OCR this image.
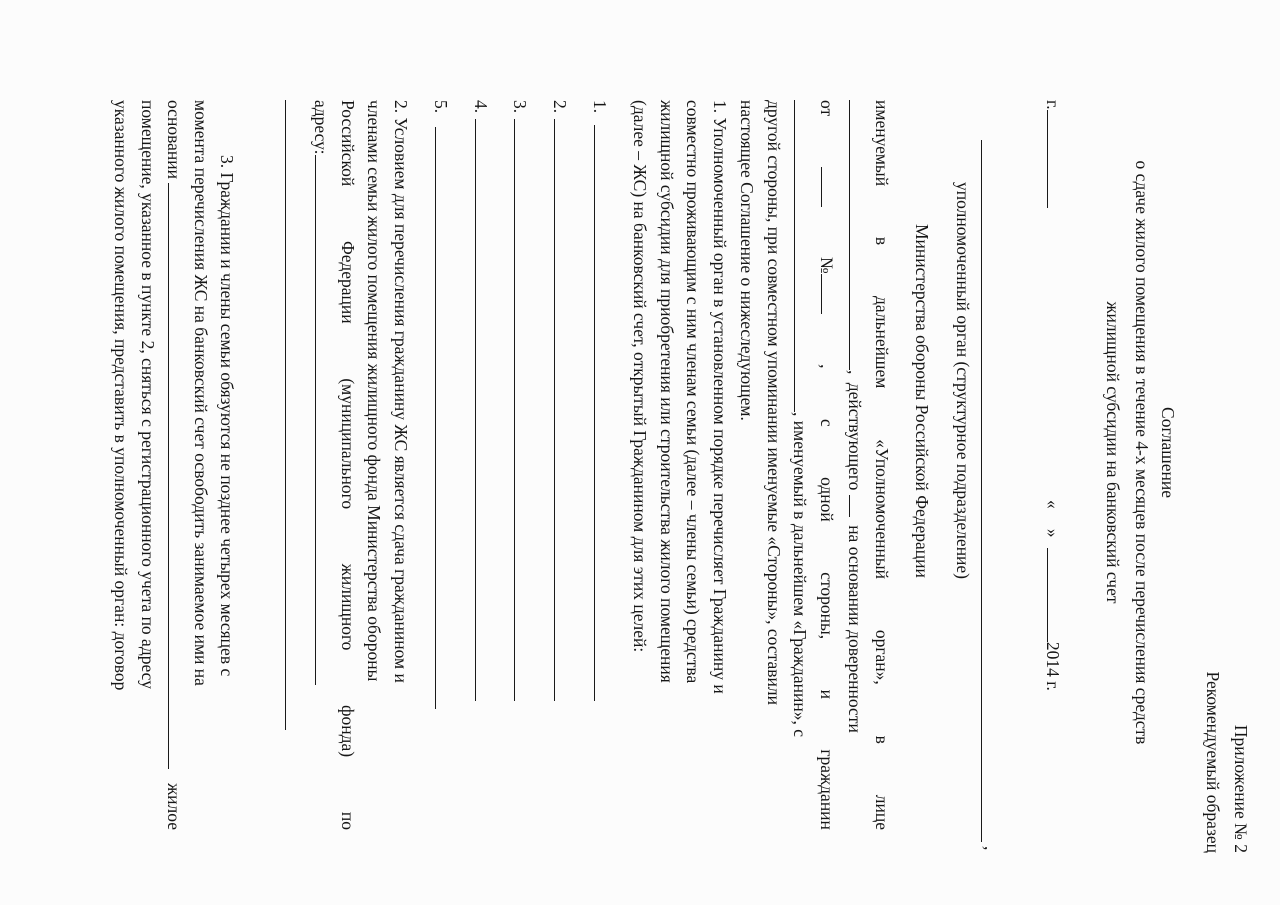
Приложение № 2
Рекомендуемый образец
Соглашение
о сдаче жилого помещения в течение 4-х месяцев после перечисления средств
жилищной субсидии на банковский счет
г.
«» 2014 г.
,
уполномоченный орган (структурное подразделение)
Министерства обороны Российской Федерации
именуемый
в
дальнейшем
«Уполномоченный
орган»,
в
лице
, действующего  на основании доверенности
от
№
,
с
одной
стороны,
и
гражданин
, именуемый в дальнейшем «Гражданин», с
другой стороны, при совместном упоминании именуемые «Стороны», составили
настоящее Соглашение о нижеследующем.
1. Уполномоченный орган в установленном порядке перечисляет Гражданину и
совместно проживающим с ним членам семьи (далее – члены семьи) средства
жилищной субсидии для приобретения или строительства жилого помещения
(далее – ЖС) на банковский счет, открытый Гражданином для этих целей:
1.
2.
3.
4.
5.
2. Условием для перечисления гражданину ЖС является сдача гражданином и
членами семьи жилого помещения жилищного фонда Министерства обороны
Российской
Федерации
(муниципального
жилищного
фонда)
по
адресу:
3. Граждании и члены семьи обязуются не позднее четырех месяцев с
момента перечисления ЖС на банковский счет освободить занимаемое ими на
основании
жилое
помещение, указанное в пункте 2, сняться с регистрационного учета по адресу
указанного жилого помещения, представить в уполномоченный орган: договор
